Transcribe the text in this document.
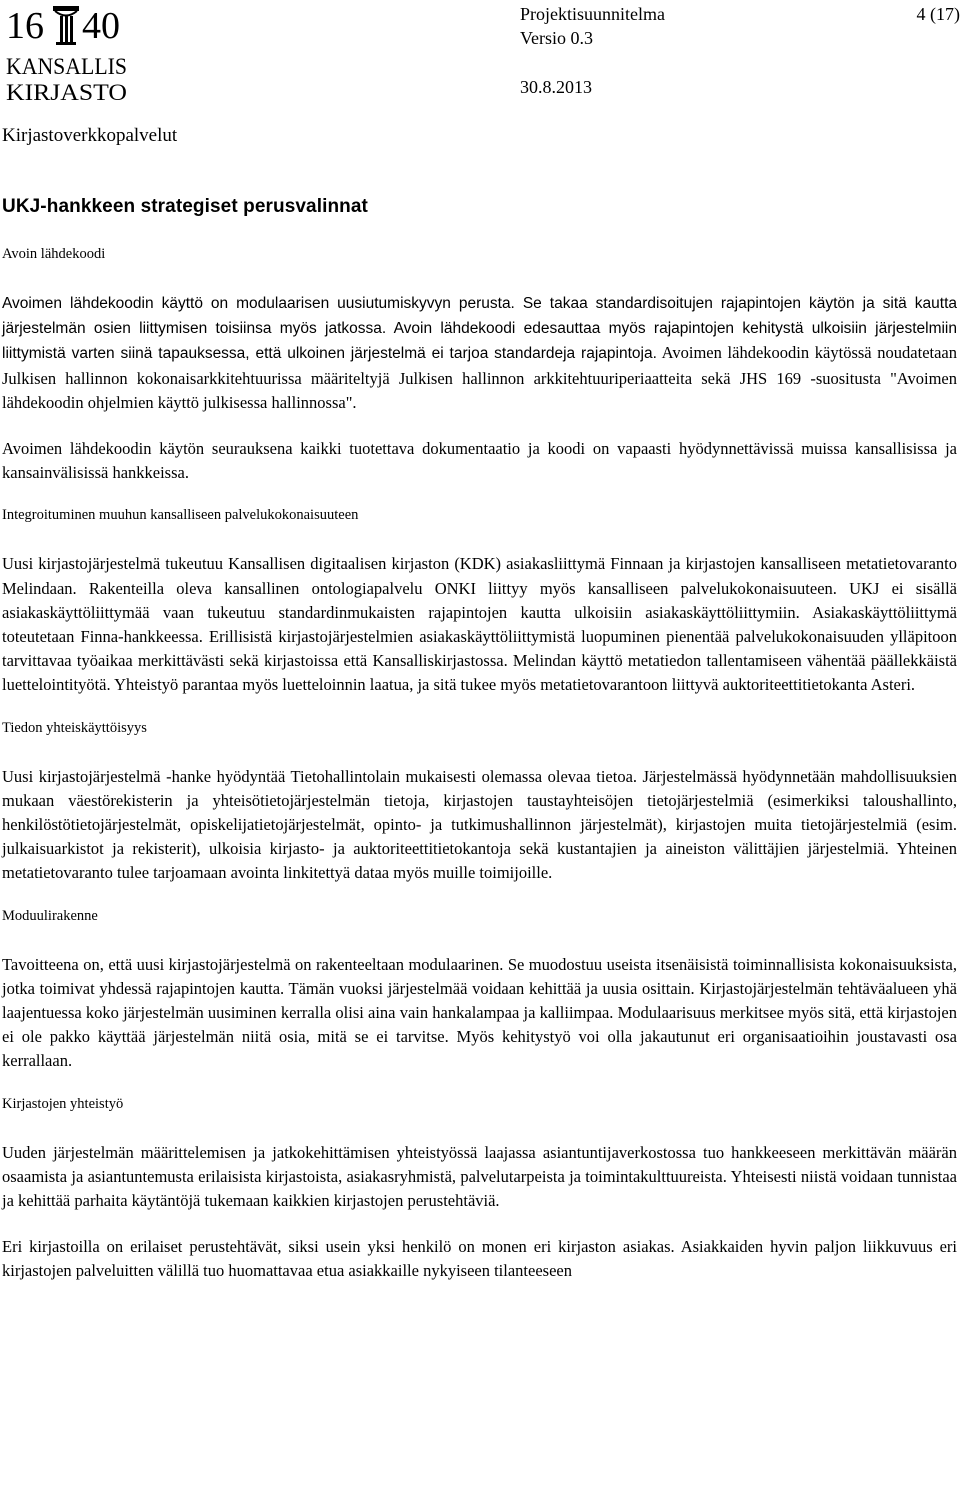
16 40
KANSALLIS
KIRJASTO
Projektisuunnitelma	4 (17)
Versio 0.3
30.8.2013
Kirjastoverkkopalvelut
UKJ-hankkeen strategiset perusvalinnat
Avoin lähdekoodi

Avoimen lähdekoodin käyttö on modulaarisen uusiutumiskyvyn perusta. Se takaa standardisoitujen rajapintojen käytön ja sitä kautta järjestelmän osien liittymisen toisiinsa myös jatkossa. Avoin lähdekoodi edesauttaa myös rajapintojen kehitystä ulkoisiin järjestelmiin liittymistä varten siinä tapauksessa, että ulkoinen järjestelmä ei tarjoa standardeja rajapintoja. Avoimen lähdekoodin käytössä noudatetaan Julkisen hallinnon kokonaisarkkitehtuurissa määriteltyjä Julkisen hallinnon arkkitehtuuriperiaatteita sekä JHS 169 -suositusta "Avoimen lähdekoodin ohjelmien käyttö julkisessa hallinnossa".

Avoimen lähdekoodin käytön seurauksena kaikki tuotettava dokumentaatio ja koodi on vapaasti hyödynnettävissä muissa kansallisissa ja kansainvälisissä hankkeissa.

Integroituminen muuhun kansalliseen palvelukokonaisuuteen

Uusi kirjastojärjestelmä tukeutuu Kansallisen digitaalisen kirjaston (KDK) asiakasliittymä Finnaan ja kirjastojen kansalliseen metatietovaranto Melindaan. Rakenteilla oleva kansallinen ontologiapalvelu ONKI liittyy myös kansalliseen palvelukokonaisuuteen. UKJ ei sisällä asiakaskäyttöliittymää vaan tukeutuu standardinmukaisten rajapintojen kautta ulkoisiin asiakaskäyttöliittymiin. Asiakaskäyttöliittymä toteutetaan Finna-hankkeessa. Erillisistä kirjastojärjestelmien asiakaskäyttöliittymistä luopuminen pienentää palvelukokonaisuuden ylläpitoon tarvittavaa työaikaa merkittävästi sekä kirjastoissa että Kansalliskirjastossa. Melindan käyttö metatiedon tallentamiseen vähentää päällekkäistä luettelointityötä. Yhteistyö parantaa myös luetteloinnin laatua, ja sitä tukee myös metatietovarantoon liittyvä auktoriteettitietokanta Asteri.

Tiedon yhteiskäyttöisyys

Uusi kirjastojärjestelmä -hanke hyödyntää Tietohallintolain mukaisesti olemassa olevaa tietoa. Järjestelmässä hyödynnetään mahdollisuuksien mukaan väestörekisterin ja yhteisötietojärjestelmän tietoja, kirjastojen taustayhteisöjen tietojärjestelmiä (esimerkiksi taloushallinto, henkilöstötietojärjestelmät, opiskelijatietojärjestelmät, opinto- ja tutkimushallinnon järjestelmät), kirjastojen muita tietojärjestelmiä (esim. julkaisuarkistot ja rekisterit), ulkoisia kirjasto- ja auktoriteettitietokantoja sekä kustantajien ja aineiston välittäjien järjestelmiä. Yhteinen metatietovaranto tulee tarjoamaan avointa linkitettyä dataa myös muille toimijoille.

Moduulirakenne

Tavoitteena on, että uusi kirjastojärjestelmä on rakenteeltaan modulaarinen. Se muodostuu useista itsenäisistä toiminnallisista kokonaisuuksista, jotka toimivat yhdessä rajapintojen kautta. Tämän vuoksi järjestelmää voidaan kehittää ja uusia osittain. Kirjastojärjestelmän tehtäväalueen yhä laajentuessa koko järjestelmän uusiminen kerralla olisi aina vain hankalampaa ja kalliimpaa. Modulaarisuus merkitsee myös sitä, että kirjastojen ei ole pakko käyttää järjestelmän niitä osia, mitä se ei tarvitse. Myös kehitystyö voi olla jakautunut eri organisaatioihin joustavasti osa kerrallaan.

Kirjastojen yhteistyö

Uuden järjestelmän määrittelemisen ja jatkokehittämisen yhteistyössä laajassa asiantuntijaverkostossa tuo hankkeeseen merkittävän määrän osaamista ja asiantuntemusta erilaisista kirjastoista, asiakasryhmistä, palvelutarpeista ja toimintakulttuureista. Yhteisesti niistä voidaan tunnistaa ja kehittää parhaita käytäntöjä tukemaan kaikkien kirjastojen perustehtäviä.

Eri kirjastoilla on erilaiset perustehtävät, siksi usein yksi henkilö on monen eri kirjaston asiakas. Asiakkaiden hyvin paljon liikkuvuus eri kirjastojen palveluitten välillä tuo huomattavaa etua asiakkaille nykyiseen tilanteeseen
